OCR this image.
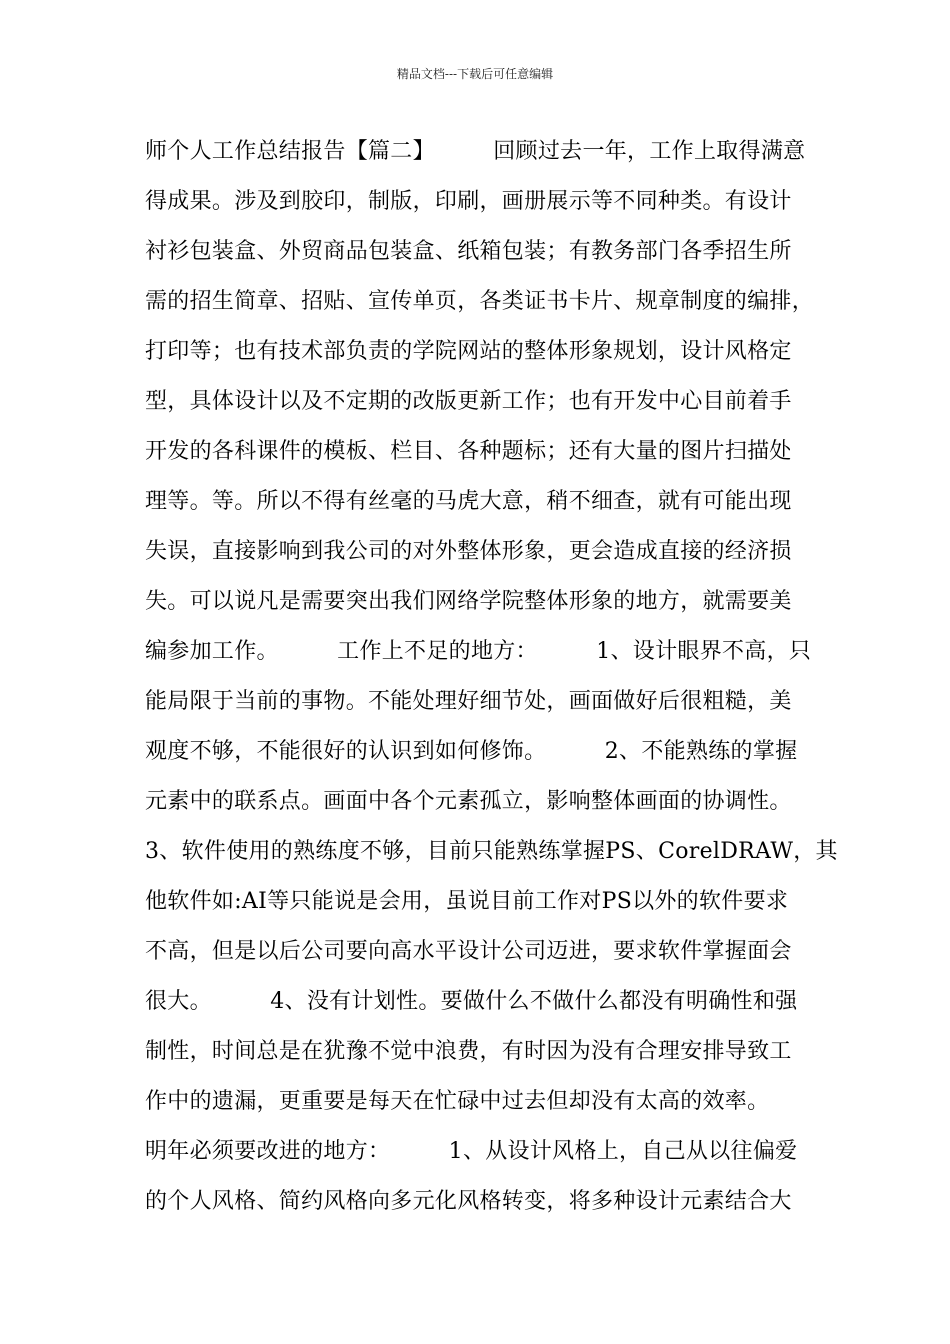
精品文档---下载后可任意编辑
师个人工作总结报告【篇二】        回顾过去一年，工作上取得满意
得成果。涉及到胶印，制版，印刷，画册展示等不同种类。有设计
衬衫包装盒、外贸商品包装盒、纸箱包装；有教务部门各季招生所
需的招生简章、招贴、宣传单页，各类证书卡片、规章制度的编排，
打印等；也有技术部负责的学院网站的整体形象规划，设计风格定
型，具体设计以及不定期的改版更新工作；也有开发中心目前着手
开发的各科课件的模板、栏目、各种题标；还有大量的图片扫描处
理等。等。所以不得有丝毫的马虎大意，稍不细查，就有可能出现
失误，直接影响到我公司的对外整体形象，更会造成直接的经济损
失。可以说凡是需要突出我们网络学院整体形象的地方，就需要美
编参加工作。        工作上不足的地方：        1、设计眼界不高，只
能局限于当前的事物。不能处理好细节处，画面做好后很粗糙，美
观度不够，不能很好的认识到如何修饰。        2、不能熟练的掌握
元素中的联系点。画面中各个元素孤立，影响整体画面的协调性。
3、软件使用的熟练度不够，目前只能熟练掌握PS、CorelDRAW，其
他软件如:AI等只能说是会用，虽说目前工作对PS以外的软件要求
不高，但是以后公司要向高水平设计公司迈进，要求软件掌握面会
很大。        4、没有计划性。要做什么不做什么都没有明确性和强
制性，时间总是在犹豫不觉中浪费，有时因为没有合理安排导致工
作中的遗漏，更重要是每天在忙碌中过去但却没有太高的效率。
明年必须要改进的地方：        1、从设计风格上，自己从以往偏爱
的个人风格、简约风格向多元化风格转变，将多种设计元素结合大
